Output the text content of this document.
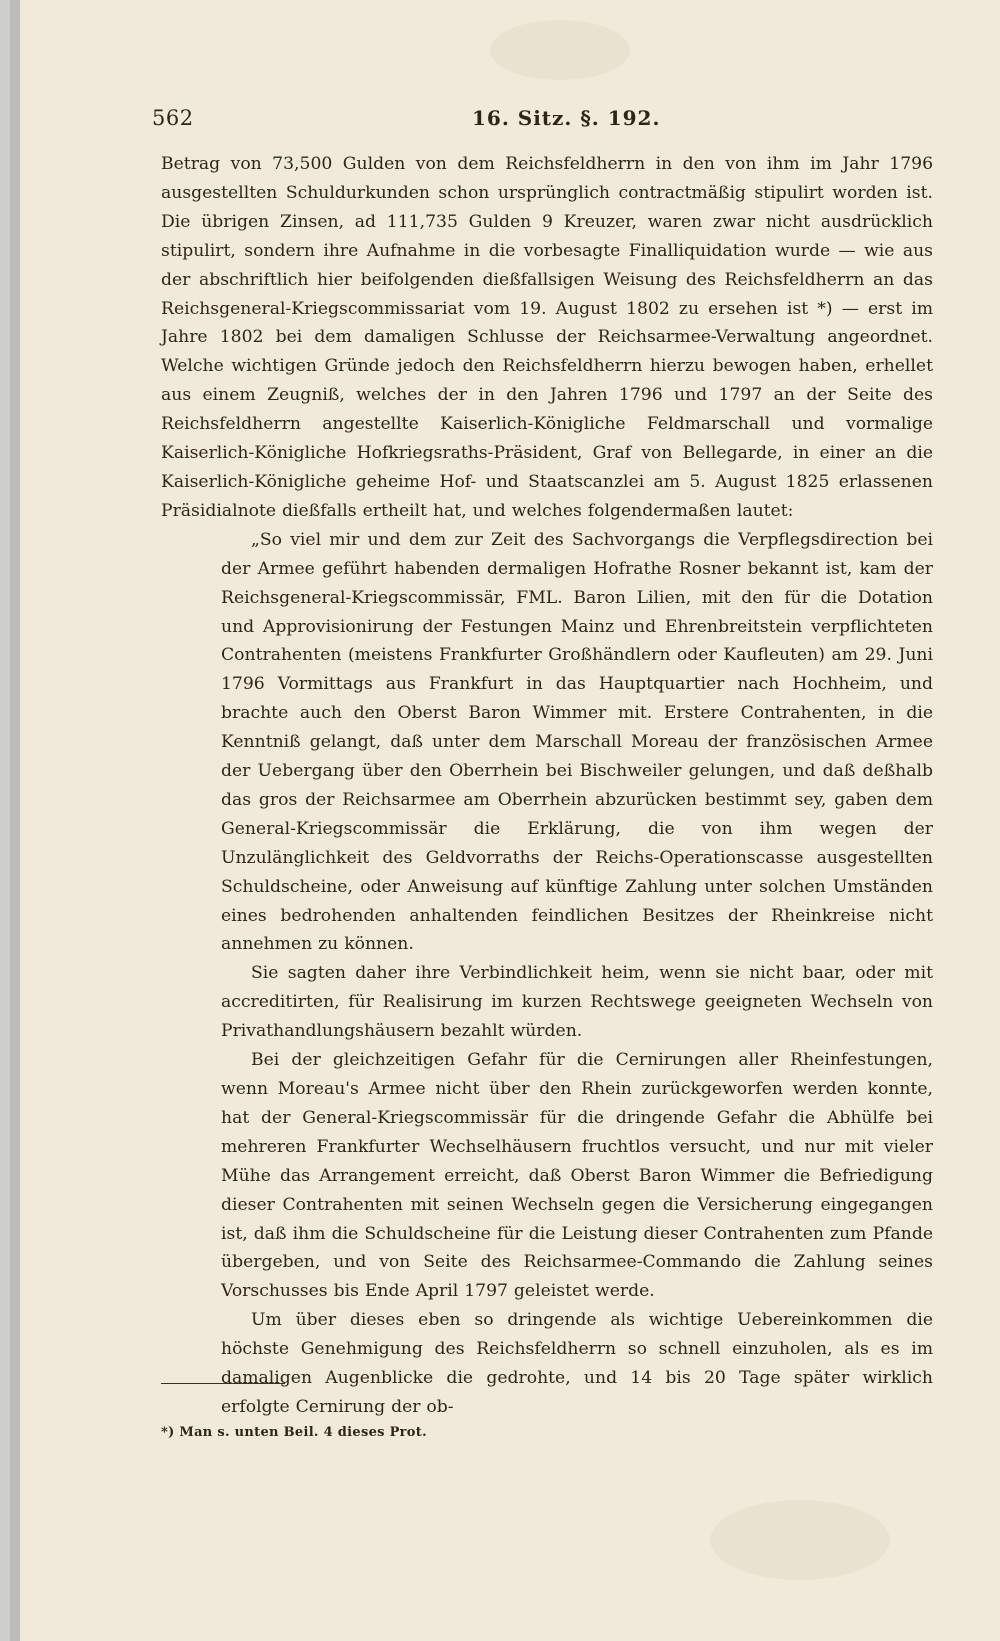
562	16. Sitz. §. 192.

Betrag von 73,500 Gulden von dem Reichsfeldherrn in den von ihm im Jahr 1796 ausgestellten Schuldurkunden schon ursprünglich contractmäßig stipulirt worden ist. Die übrigen Zinsen, ad 111,735 Gulden 9 Kreuzer, waren zwar nicht ausdrücklich stipulirt, sondern ihre Aufnahme in die vorbesagte Finalliquidation wurde — wie aus der abschriftlich hier beifolgenden dießfallsigen Weisung des Reichsfeldherrn an das Reichsgeneral-Kriegscommissariat vom 19. August 1802 zu ersehen ist *) — erst im Jahre 1802 bei dem damaligen Schlusse der Reichsarmee-Verwaltung angeordnet. Welche wichtigen Gründe jedoch den Reichsfeldherrn hierzu bewogen haben, erhellet aus einem Zeugniß, welches der in den Jahren 1796 und 1797 an der Seite des Reichsfeldherrn angestellte Kaiserlich-Königliche Feldmarschall und vormalige Kaiserlich-Königliche Hofkriegsraths-Präsident, Graf von Bellegarde, in einer an die Kaiserlich-Königliche geheime Hof- und Staatscanzlei am 5. August 1825 erlassenen Präsidialnote dießfalls ertheilt hat, und welches folgendermaßen lautet:

„So viel mir und dem zur Zeit des Sachvorgangs die Verpflegsdirection bei der Armee geführt habenden dermaligen Hofrathe Rosner bekannt ist, kam der Reichsgeneral-Kriegscommissär, FML. Baron Lilien, mit den für die Dotation und Approvisionirung der Festungen Mainz und Ehrenbreitstein verpflichteten Contrahenten (meistens Frankfurter Großhändlern oder Kaufleuten) am 29. Juni 1796 Vormittags aus Frankfurt in das Hauptquartier nach Hochheim, und brachte auch den Oberst Baron Wimmer mit. Erstere Contrahenten, in die Kenntniß gelangt, daß unter dem Marschall Moreau der französischen Armee der Uebergang über den Oberrhein bei Bischweiler gelungen, und daß deßhalb das gros der Reichsarmee am Oberrhein abzurücken bestimmt sey, gaben dem General-Kriegscommissär die Erklärung, die von ihm wegen der Unzulänglichkeit des Geldvorraths der Reichs-Operationscasse ausgestellten Schuldscheine, oder Anweisung auf künftige Zahlung unter solchen Umständen eines bedrohenden anhaltenden feindlichen Besitzes der Rheinkreise nicht annehmen zu können.

Sie sagten daher ihre Verbindlichkeit heim, wenn sie nicht baar, oder mit accreditirten, für Realisirung im kurzen Rechtswege geeigneten Wechseln von Privathandlungshäusern bezahlt würden.

Bei der gleichzeitigen Gefahr für die Cernirungen aller Rheinfestungen, wenn Moreau's Armee nicht über den Rhein zurückgeworfen werden konnte, hat der General-Kriegscommissär für die dringende Gefahr die Abhülfe bei mehreren Frankfurter Wechselhäusern fruchtlos versucht, und nur mit vieler Mühe das Arrangement erreicht, daß Oberst Baron Wimmer die Befriedigung dieser Contrahenten mit seinen Wechseln gegen die Versicherung eingegangen ist, daß ihm die Schuldscheine für die Leistung dieser Contrahenten zum Pfande übergeben, und von Seite des Reichsarmee-Commando die Zahlung seines Vorschusses bis Ende April 1797 geleistet werde.

Um über dieses eben so dringende als wichtige Uebereinkommen die höchste Genehmigung des Reichsfeldherrn so schnell einzuholen, als es im damaligen Augenblicke die gedrohte, und 14 bis 20 Tage später wirklich erfolgte Cernirung der ob-

*) Man s. unten Beil. 4 dieses Prot.
